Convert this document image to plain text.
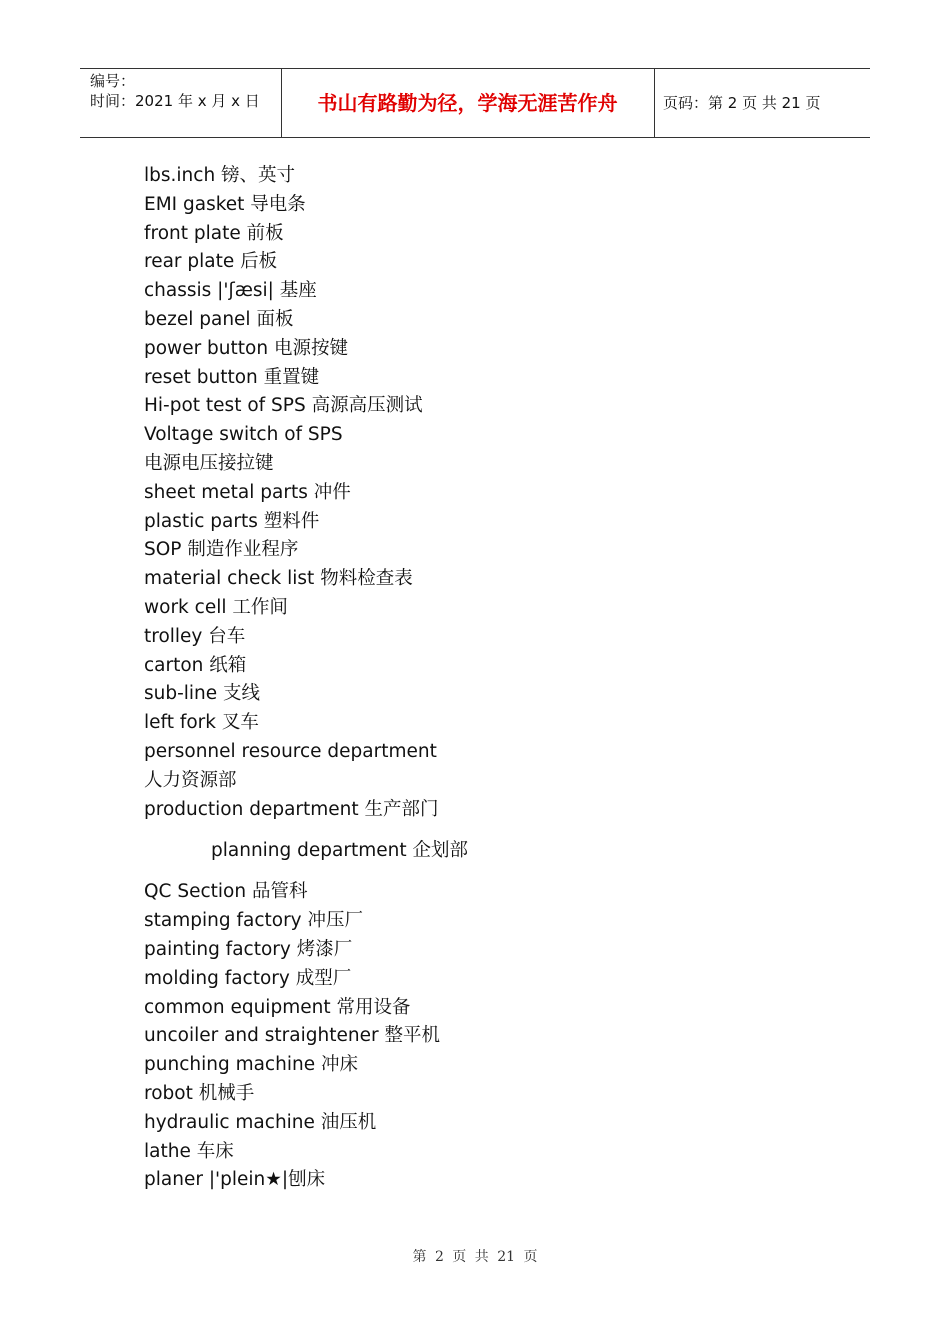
编号：
时间：2021 年 x 月 x 日	书山有路勤为径，学海无涯苦作舟	页码：第 2 页 共 21 页
lbs.inch 镑、英寸
EMI gasket 导电条
front plate 前板
rear plate 后板
chassis |'ʃæsi| 基座
bezel panel 面板
power button 电源按键
reset button 重置键
Hi-pot test of SPS 高源高压测试
Voltage switch of SPS
电源电压接拉键
sheet metal parts 冲件
plastic parts 塑料件
SOP 制造作业程序
material check list 物料检查表
work cell 工作间
trolley 台车
carton 纸箱
sub-line 支线
left fork 叉车
personnel resource department
人力资源部
production department 生产部门
planning department 企划部
QC Section 品管科
stamping factory 冲压厂
painting factory 烤漆厂
molding factory 成型厂
common equipment 常用设备
uncoiler and straightener 整平机
punching machine 冲床
robot 机械手
hydraulic machine 油压机
lathe 车床
planer |'plein★|刨床
第 2 页 共 21 页
